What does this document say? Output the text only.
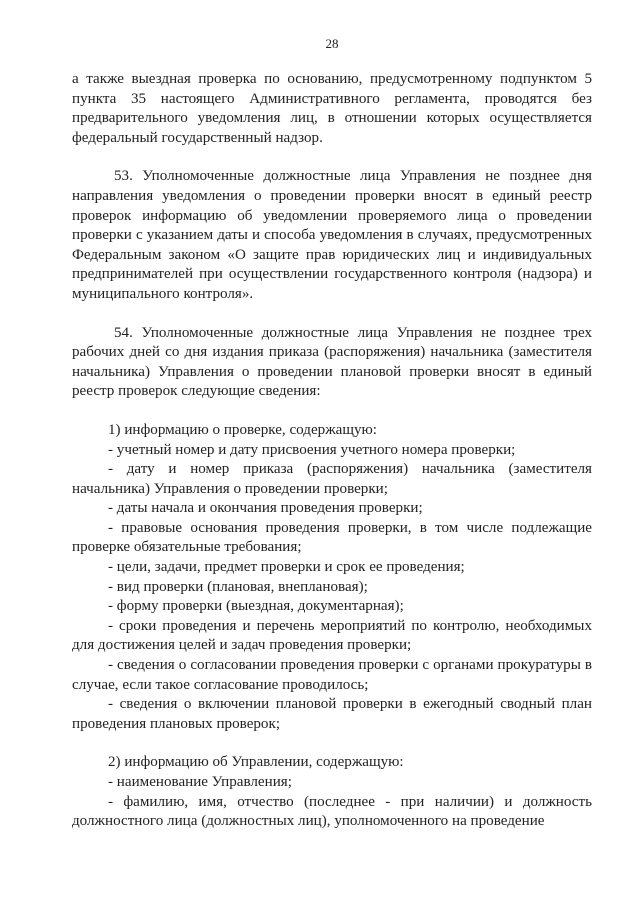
28

а также выездная проверка по основанию, предусмотренному подпунктом 5 пункта 35 настоящего Административного регламента, проводятся без предварительного уведомления лиц, в отношении которых осуществляется федеральный государственный надзор.

53. Уполномоченные должностные лица Управления не позднее дня направления уведомления о проведении проверки вносят в единый реестр проверок информацию об уведомлении проверяемого лица о проведении проверки с указанием даты и способа уведомления в случаях, предусмотренных Федеральным законом «О защите прав юридических лиц и индивидуальных предпринимателей при осуществлении государственного контроля (надзора) и муниципального контроля».

54. Уполномоченные должностные лица Управления не позднее трех рабочих дней со дня издания приказа (распоряжения) начальника (заместителя начальника) Управления о проведении плановой проверки вносят в единый реестр проверок следующие сведения:

1) информацию о проверке, содержащую:

- учетный номер и дату присвоения учетного номера проверки;

- дату и номер приказа (распоряжения) начальника (заместителя начальника) Управления о проведении проверки;

- даты начала и окончания проведения проверки;

- правовые основания проведения проверки, в том числе подлежащие проверке обязательные требования;

- цели, задачи, предмет проверки и срок ее проведения;

- вид проверки (плановая, внеплановая);

- форму проверки (выездная, документарная);

- сроки проведения и перечень мероприятий по контролю, необходимых для достижения целей и задач проведения проверки;

- сведения о согласовании проведения проверки с органами прокуратуры в случае, если такое согласование проводилось;

- сведения о включении плановой проверки в ежегодный сводный план проведения плановых проверок;

2) информацию об Управлении, содержащую:

- наименование Управления;

- фамилию, имя, отчество (последнее - при наличии) и должность должностного лица (должностных лиц), уполномоченного на проведение
